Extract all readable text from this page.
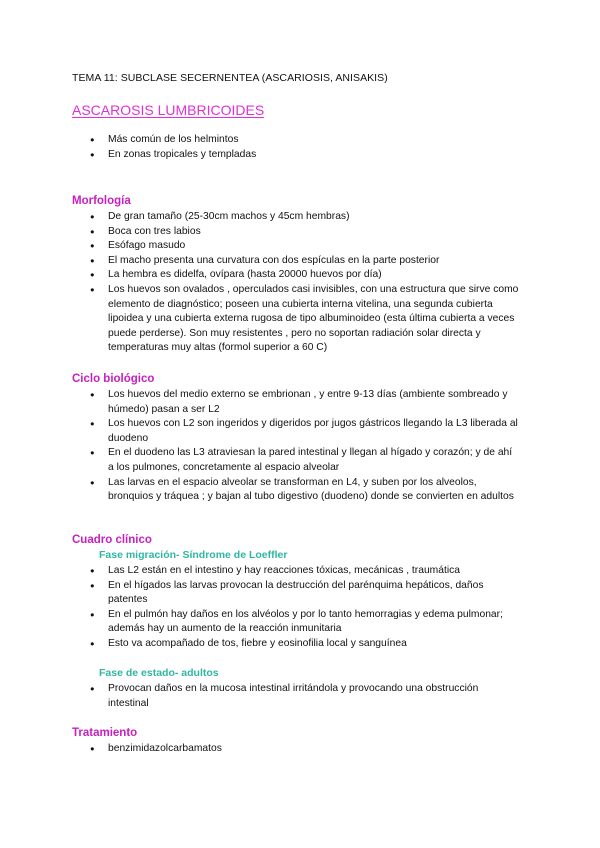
TEMA 11: SUBCLASE SECERNENTEA (ASCARIOSIS, ANISAKIS)
ASCAROSIS LUMBRICOIDES
● Más común de los helmintos
● En zonas tropicales y templadas
Morfología
● De gran tamaño (25-30cm machos y 45cm hembras)
● Boca con tres labios
● Esófago masudo
● El macho presenta una curvatura con dos espículas en la parte posterior
● La hembra es didelfa, ovípara (hasta 20000 huevos por día)
● Los huevos son ovalados , operculados casi invisibles, con una estructura que sirve como elemento de diagnóstico; poseen una cubierta interna vitelina, una segunda cubierta lipoidea y una cubierta externa rugosa de tipo albuminoideo (esta última cubierta a veces puede perderse). Son muy resistentes , pero no soportan radiación solar directa y temperaturas muy altas (formol superior a 60 C)
Ciclo biológico
● Los huevos del medio externo se embrionan , y entre 9-13 días (ambiente sombreado y húmedo) pasan a ser L2
● Los huevos con L2 son ingeridos y digeridos por jugos gástricos llegando la L3 liberada al duodeno
● En el duodeno las L3 atraviesan la pared intestinal y llegan al hígado y corazón; y de ahí a los pulmones, concretamente al espacio alveolar
● Las larvas en el espacio alveolar se transforman en L4, y suben por los alveolos, bronquios y tráquea ; y bajan al tubo digestivo (duodeno) donde se convierten en adultos
Cuadro clínico
Fase migración- Síndrome de Loeffler
● Las L2 están en el intestino y hay reacciones tóxicas, mecánicas , traumática
● En el hígados las larvas provocan la destrucción del parénquima hepáticos, daños patentes
● En el pulmón hay daños en los alvéolos y por lo tanto hemorragias y edema pulmonar; además hay un aumento de la reacción inmunitaria
● Esto va acompañado de tos, fiebre y eosinofilia local y sanguínea
Fase de estado- adultos
● Provocan daños en la mucosa intestinal irritándola y provocando una obstrucción intestinal
Tratamiento
● benzimidazolcarbamatos
